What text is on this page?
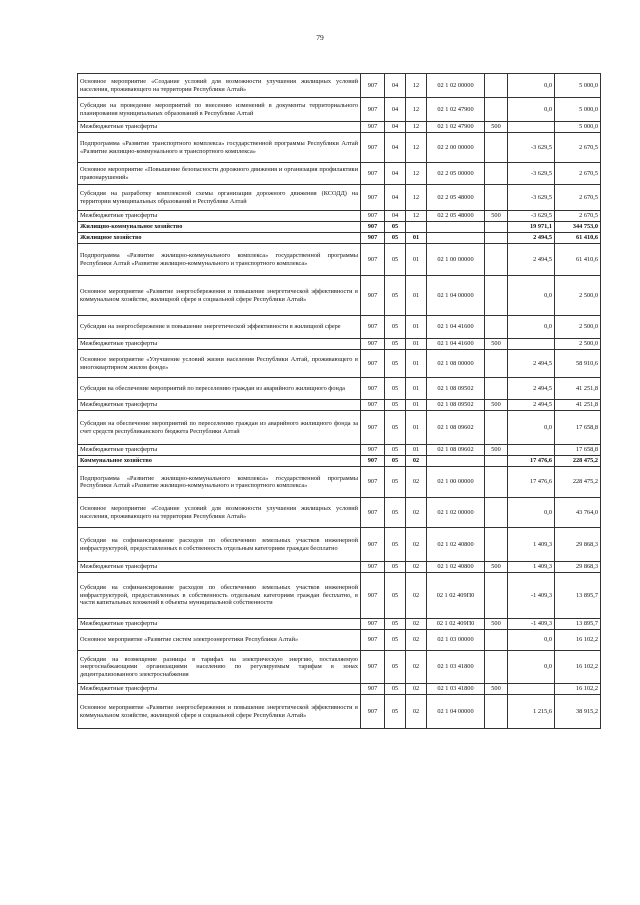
79
Основное мероприятие «Создание условий для возможности улучшения жилищных условий населения, проживающего на территории Республики Алтай»	907	04	12	02 1 02 00000		0,0	5 000,0
Субсидия на проведение мероприятий по внесению изменений в документы территориального планирования муниципальных образований в Республике Алтай	907	04	12	02 1 02 47900		0,0	5 000,0
Межбюджетные трансферты	907	04	12	02 1 02 47900	500		5 000,0
Подпрограмма «Развитие транспортного комплекса» государственной программы Республики Алтай «Развитие жилищно-коммунального и транспортного комплекса»	907	04	12	02 2 00 00000		-3 629,5	2 670,5
Основное мероприятие «Повышение безопасности дорожного движения и организация профилактики правонарушений»	907	04	12	02 2 05 00000		-3 629,5	2 670,5
Субсидия на разработку комплексной схемы организации дорожного движения (КСОДД) на территории муниципальных образований в Республике Алтай	907	04	12	02 2 05 48000		-3 629,5	2 670,5
Межбюджетные трансферты	907	04	12	02 2 05 48000	500	-3 629,5	2 670,5
Жилищно-коммунальное хозяйство	907	05				19 971,1	344 753,0
Жилищное хозяйство	907	05	01			2 494,5	61 410,6
Подпрограмма «Развитие жилищно-коммунального комплекса» государственной программы Республики Алтай «Развитие жилищно-коммунального и транспортного комплекса»	907	05	01	02 1 00 00000		2 494,5	61 410,6
Основное мероприятие «Развитие энергосбережения и повышение энергетической эффективности в коммунальном хозяйстве, жилищной сфере и социальной сфере Республики Алтай»	907	05	01	02 1 04 00000		0,0	2 500,0
Субсидии на энергосбережение и повышение энергетической эффективности в жилищной сфере	907	05	01	02 1 04 41600		0,0	2 500,0
Межбюджетные трансферты	907	05	01	02 1 04 41600	500		2 500,0
Основное мероприятие «Улучшение условий жизни населения Республики Алтай, проживающего в многоквартирном жилом фонде»	907	05	01	02 1 08 00000		2 494,5	58 910,6
Субсидия на обеспечение мероприятий по переселению граждан из аварийного жилищного фонда	907	05	01	02 1 08 09502		2 494,5	41 251,8
Межбюджетные трансферты	907	05	01	02 1 08 09502	500	2 494,5	41 251,8
Субсидия на обеспечение мероприятий по переселению граждан из аварийного жилищного фонда за счет средств республиканского бюджета Республики Алтай	907	05	01	02 1 08 09602		0,0	17 658,8
Межбюджетные трансферты	907	05	01	02 1 08 09602	500		17 658,8
Коммунальное хозяйство	907	05	02			17 476,6	228 475,2
Подпрограмма «Развитие жилищно-коммунального комплекса» государственной программы Республики Алтай «Развитие жилищно-коммунального и транспортного комплекса»	907	05	02	02 1 00 00000		17 476,6	228 475,2
Основное мероприятие «Создание условий для возможности улучшения жилищных условий населения, проживающего на территории Республики Алтай»	907	05	02	02 1 02 00000		0,0	43 764,0
Субсидия на софинансирование расходов по обеспечению земельных участков инженерной инфраструктурой, предоставленных в собственность отдельным категориям граждан бесплатно	907	05	02	02 1 02 40800		1 409,3	29 868,3
Межбюджетные трансферты	907	05	02	02 1 02 40800	500	1 409,3	29 868,3
Субсидия на софинансирование расходов по обеспечению земельных участков инженерной инфраструктурой, предоставленных в собственность отдельным категориям граждан бесплатно, в части капитальных вложений в объекты муниципальной собственности	907	05	02	02 1 02 409П0		-1 409,3	13 895,7
Межбюджетные трансферты	907	05	02	02 1 02 409П0	500	-1 409,3	13 895,7
Основное мероприятие «Развитие систем электроэнергетики Республики Алтай»	907	05	02	02 1 03 00000		0,0	16 102,2
Субсидия на возмещение разницы в тарифах на электрическую энергию, поставляемую энергоснабжающими организациями населению по регулируемым тарифам в зонах децентрализованного электроснабжения	907	05	02	02 1 03 41800		0,0	16 102,2
Межбюджетные трансферты	907	05	02	02 1 03 41800	500		16 102,2
Основное мероприятие «Развитие энергосбережения и повышение энергетической эффективности в коммунальном хозяйстве, жилищной сфере и социальной сфере Республики Алтай»	907	05	02	02 1 04 00000		1 215,6	38 915,2
